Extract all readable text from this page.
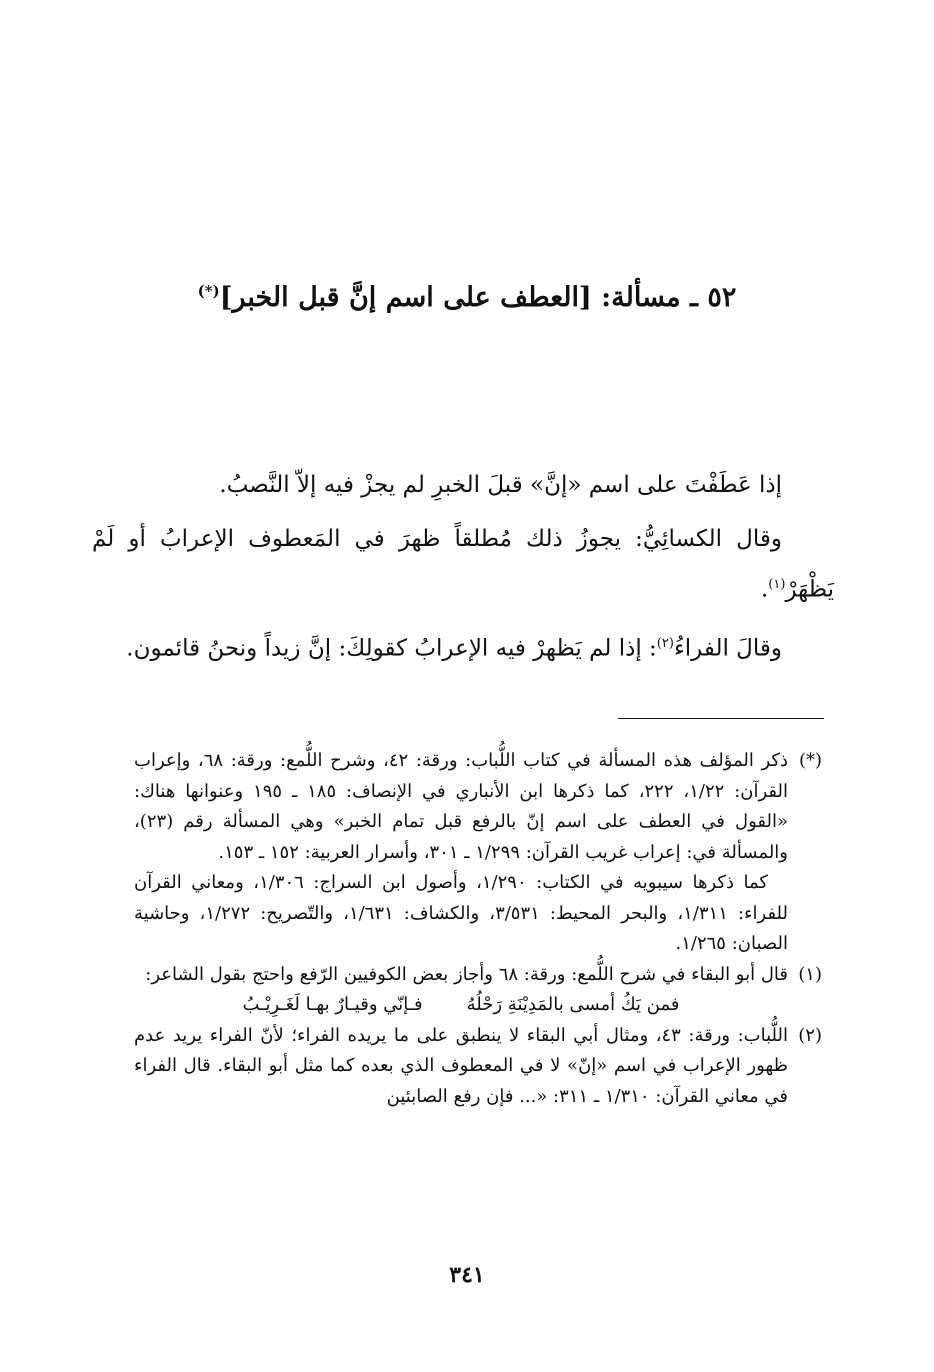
٥٢ ـ مسألة: [العطف على اسم إنَّ قبل الخبر](*)

إذا عَطَفْتَ على اسم «إنَّ» قبلَ الخبرِ لم يجزْ فيه إلاّ النَّصبُ.

وقال الكسائِيُّ: يجوزُ ذلك مُطلقاً ظهرَ في المَعطوف الإعرابُ أو لَمْ يَظْهَرْ$^{(١)}$.

وقالَ الفراءُ$^{(٢)}$: إذا لم يَظهرْ فيه الإعرابُ كقولِكَ: إنَّ زيداً ونحنُ قائمون.

(*)ذكر المؤلف هذه المسألة في كتاب اللُّباب: ورقة: ٤٢، وشرح اللُّمع: ورقة: ٦٨، وإعراب القرآن: ١/٢٢، ٢٢٢، كما ذكرها ابن الأنباري في الإنصاف: ١٨٥ ـ ١٩٥ وعنوانها هناك: «القول في العطف على اسم إنّ بالرفع قبل تمام الخبر» وهي المسألة رقم (٢٣)، والمسألة في: إعراب غريب القرآن: ١/٢٩٩ ـ ٣٠١، وأسرار العربية: ١٥٢ ـ ١٥٣.

كما ذكرها سيبويه في الكتاب: ١/٢٩٠، وأصول ابن السراج: ١/٣٠٦، ومعاني القرآن للفراء: ١/٣١١، والبحر المحيط: ٣/٥٣١، والكشاف: ١/٦٣١، والتّصريح: ١/٢٧٢، وحاشية الصبان: ١/٢٦٥.

(١)قال أبو البقاء في شرح اللُّمع: ورقة: ٦٨ وأجاز بعض الكوفيين الرّفع واحتج بقول الشاعر:

فمن يَكُ أمسى بالمَدِيْنَةِ رَحْلُهُفـإنّي وقيـارٌ بهـا لَغَـرِيْـبُ

(٢)اللُّباب: ورقة: ٤٣، ومثال أبي البقاء لا ينطبق على ما يريده الفراء؛ لأنّ الفراء يريد عدم ظهور الإعراب في اسم «إنّ» لا في المعطوف الذي بعده كما مثل أبو البقاء. قال الفراء في معاني القرآن: ١/٣١٠ ـ ٣١١: «... فإن رفع الصابئين

٣٤١
